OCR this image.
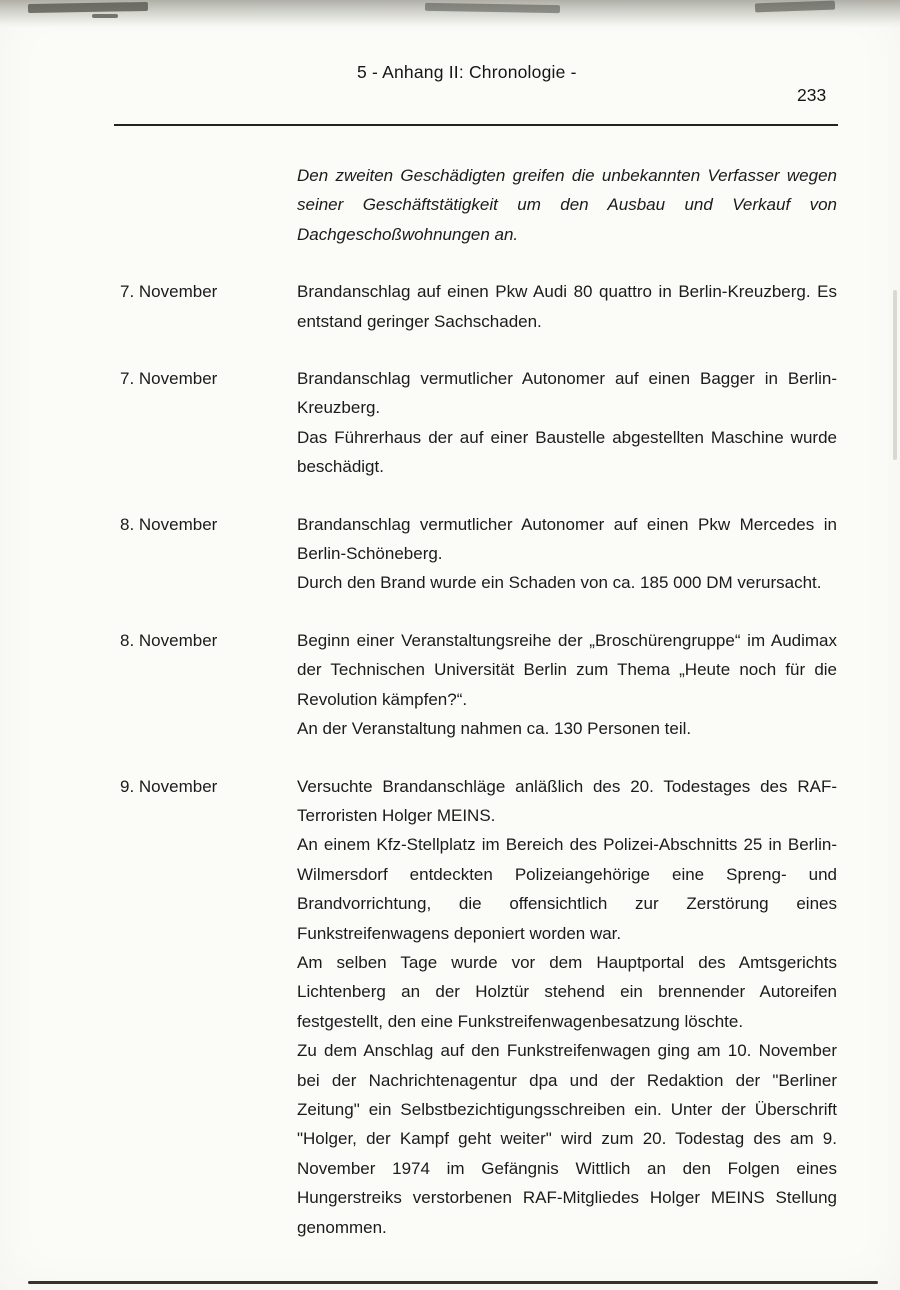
5 - Anhang II: Chronologie -
233

Den zweiten Geschädigten greifen die unbekannten Verfasser wegen seiner Geschäftstätigkeit um den Ausbau und Verkauf von Dachgeschoßwohnungen an.

7. November	Brandanschlag auf einen Pkw Audi 80 quattro in Berlin-Kreuzberg. Es entstand geringer Sachschaden.

7. November	Brandanschlag vermutlicher Autonomer auf einen Bagger in Berlin-Kreuzberg.

Das Führerhaus der auf einer Baustelle abgestellten Maschine wurde beschädigt.

8. November	Brandanschlag vermutlicher Autonomer auf einen Pkw Mercedes in Berlin-Schöneberg.

Durch den Brand wurde ein Schaden von ca. 185 000 DM verursacht.

8. November	Beginn einer Veranstaltungsreihe der „Broschürengruppe“ im Audimax der Technischen Universität Berlin zum Thema „Heute noch für die Revolution kämpfen?“.

An der Veranstaltung nahmen ca. 130 Personen teil.

9. November	Versuchte Brandanschläge anläßlich des 20. Todestages des RAF-Terroristen Holger MEINS.

An einem Kfz-Stellplatz im Bereich des Polizei-Abschnitts 25 in Berlin-Wilmersdorf entdeckten Polizeiangehörige eine Spreng- und Brandvorrichtung, die offensichtlich zur Zerstörung eines Funkstreifenwagens deponiert worden war.

Am selben Tage wurde vor dem Hauptportal des Amtsgerichts Lichtenberg an der Holztür stehend ein brennender Autoreifen festgestellt, den eine Funkstreifenwagenbesatzung löschte.

Zu dem Anschlag auf den Funkstreifenwagen ging am 10. November bei der Nachrichtenagentur dpa und der Redaktion der "Berliner Zeitung" ein Selbstbezichtigungsschreiben ein. Unter der Überschrift "Holger, der Kampf geht weiter" wird zum 20. Todestag des am 9. November 1974 im Gefängnis Wittlich an den Folgen eines Hungerstreiks verstorbenen RAF-Mitgliedes Holger MEINS Stellung genommen.
